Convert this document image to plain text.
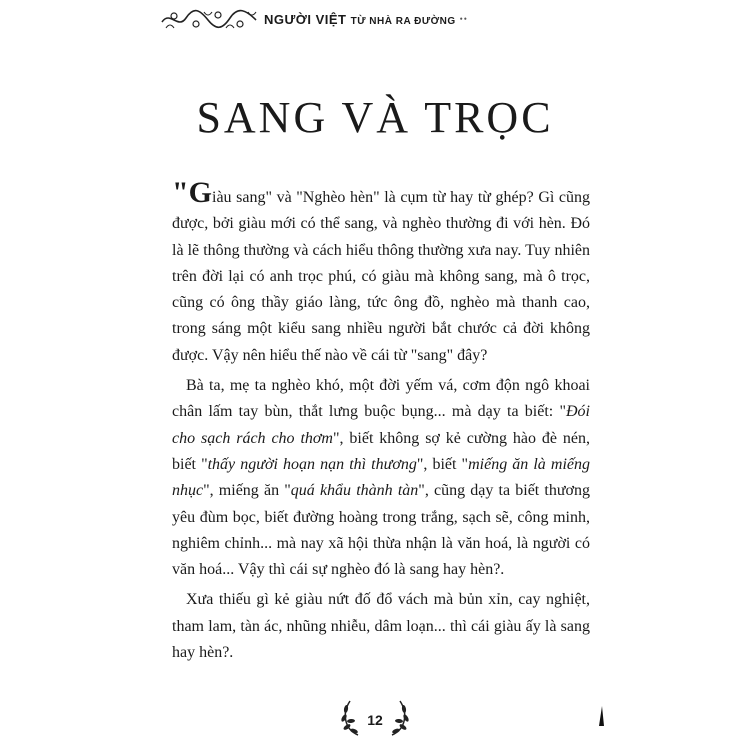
NGƯỜI VIỆT TỪ NHÀ RA ĐƯỜNG ••
SANG VÀ TRỌC

"Giàu sang" và "Nghèo hèn" là cụm từ hay từ ghép? Gì cũng được, bởi giàu mới có thể sang, và nghèo thường đi với hèn. Đó là lẽ thông thường và cách hiểu thông thường xưa nay. Tuy nhiên trên đời lại có anh trọc phú, có giàu mà không sang, mà ô trọc, cũng có ông thầy giáo làng, tức ông đồ, nghèo mà thanh cao, trong sáng một kiểu sang nhiều người bắt chước cả đời không được. Vậy nên hiểu thế nào về cái từ "sang" đây?

Bà ta, mẹ ta nghèo khó, một đời yếm vá, cơm độn ngô khoai chân lấm tay bùn, thắt lưng buộc bụng... mà dạy ta biết: "Đói cho sạch rách cho thơm", biết không sợ kẻ cường hào đè nén, biết "thấy người hoạn nạn thì thương", biết "miếng ăn là miếng nhục", miếng ăn "quá khẩu thành tàn", cũng dạy ta biết thương yêu đùm bọc, biết đường hoàng trong trắng, sạch sẽ, công minh, nghiêm chỉnh... mà nay xã hội thừa nhận là văn hoá, là người có văn hoá... Vậy thì cái sự nghèo đó là sang hay hèn?.

Xưa thiếu gì kẻ giàu nứt đố đổ vách mà bủn xỉn, cay nghiệt, tham lam, tàn ác, nhũng nhiễu, dâm loạn... thì cái giàu ấy là sang hay hèn?.

12
